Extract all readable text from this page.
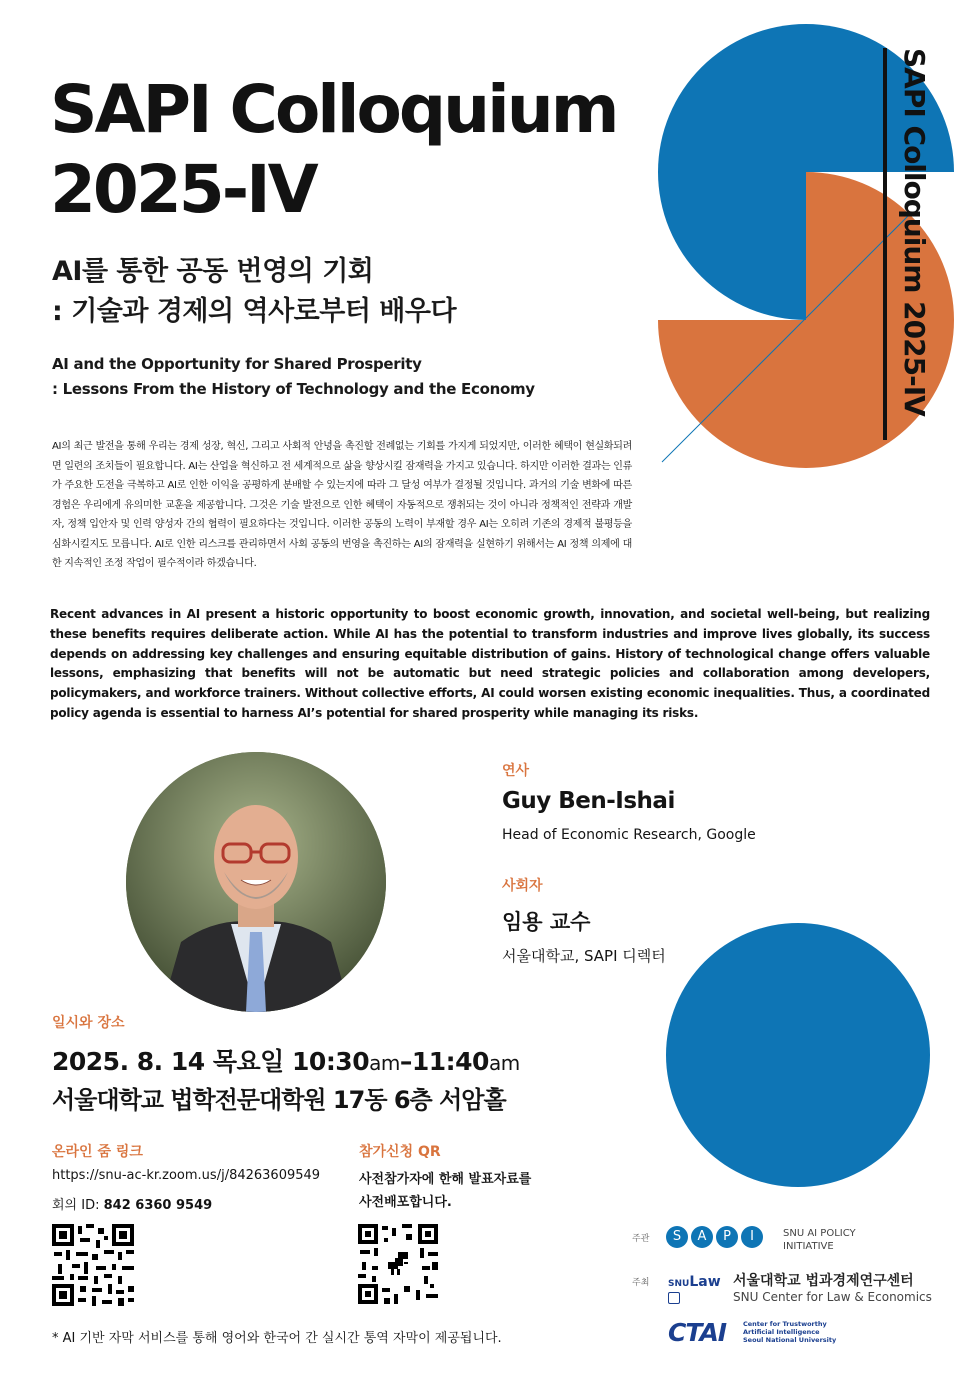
SAPI Colloquium 2025-IV
SAPI Colloquium
2025-IV
AI를 통한 공동 번영의 기회
: 기술과 경제의 역사로부터 배우다
AI and the Opportunity for Shared Prosperity
: Lessons From the History of Technology and the Economy
AI의 최근 발전을 통해 우리는 경제 성장, 혁신, 그리고 사회적 안녕을 촉진할 전례없는 기회를 가지게 되었지만, 이러한 혜택이 현실화되려면 일련의 조치들이 필요합니다. AI는 산업을 혁신하고 전 세계적으로 삶을 향상시킬 잠재력을 가지고 있습니다. 하지만 이러한 결과는 인류가 주요한 도전을 극복하고 AI로 인한 이익을 공평하게 분배할 수 있는지에 따라 그 달성 여부가 결정될 것입니다. 과거의 기술 변화에 따른 경험은 우리에게 유의미한 교훈을 제공합니다. 그것은 기술 발전으로 인한 혜택이 자동적으로 쟁취되는 것이 아니라 정책적인 전략과 개발자, 정책 입안자 및 인력 양성자 간의 협력이 필요하다는 것입니다. 이러한 공동의 노력이 부재할 경우 AI는 오히려 기존의 경제적 불평등을 심화시킬지도 모릅니다. AI로 인한 리스크를 관리하면서 사회 공동의 번영을 촉진하는 AI의 잠재력을 실현하기 위해서는 AI 정책 의제에 대한 지속적인 조정 작업이 필수적이라 하겠습니다.
Recent advances in AI present a historic opportunity to boost economic growth, innovation, and societal well-being, but realizing these benefits requires deliberate action. While AI has the potential to transform industries and improve lives globally, its success depends on addressing key challenges and ensuring equitable distribution of gains. History of technological change offers valuable lessons, emphasizing that benefits will not be automatic but need strategic policies and collaboration among developers, policymakers, and workforce trainers. Without collective efforts, AI could worsen existing economic inequalities. Thus, a coordinated policy agenda is essential to harness AI’s potential for shared prosperity while managing its risks.
연사
Guy Ben-Ishai
Head of Economic Research, Google
사회자
임용 교수
서울대학교, SAPI 디렉터
일시와 장소
2025. 8. 14 목요일 10:30am–11:40am
서울대학교 법학전문대학원 17동 6층 서암홀
온라인 줌 링크
https://snu-ac-kr.zoom.us/j/84263609549
회의 ID: 842 6360 9549
참가신청 QR
사전참가자에 한해 발표자료를
사전배포합니다.
주관	S	A	P	I	SNU AI POLICY
INITIATIVE
주최 SNULaw 서울대학교 법과경제연구센터
SNU Center for Law & Economics
CTAI	Center for Trustworthy
Artificial Intelligence
Seoul National University
* AI 기반 자막 서비스를 통해 영어와 한국어 간 실시간 통역 자막이 제공됩니다.
